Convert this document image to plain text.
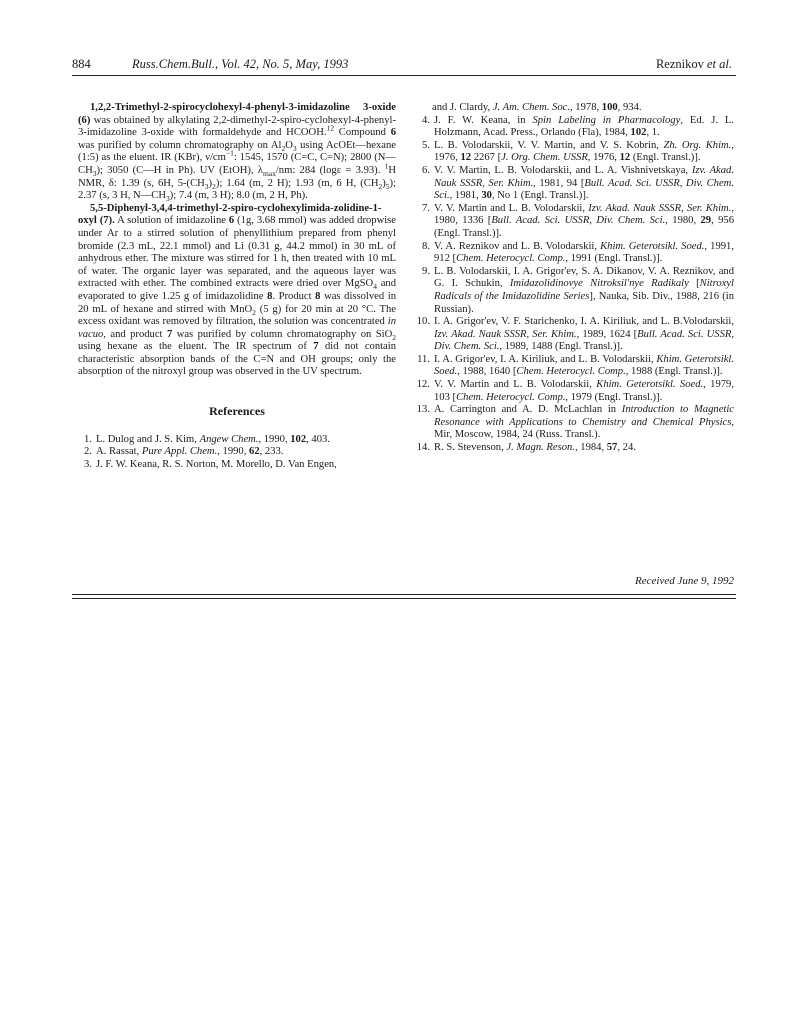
884	Russ.Chem.Bull., Vol. 42, No. 5, May, 1993	Reznikov et al.

1,2,2-Trimethyl-2-spirocyclohexyl-4-phenyl-3-imidazoline 3-oxide (6) was obtained by alkylating 2,2-dimethyl-2-spiro-cyclohexyl-4-phenyl-3-imidazoline 3-oxide with formaldehyde and HCOOH.$^{12}$ Compound 6 was purified by column chromatography on $Al_2O_3$ using AcOEt—hexane (1:5) as the eluent. IR (KBr), $\nu/cm^{-1}$: 1545, 1570 (C=C, C=N); 2800 $(N—CH_3)$; 3050 (C—H in Ph). UV (EtOH), $\lambda_{max}/nm$: 284 (logε = 3.93). $^1$H NMR, δ: 1.39 (s, 6H, $5-(CH_3)_2$); 1.64 (m, 2 H); 1.93 (m, 6 H, $(CH_2)_5$); 2.37 (s, 3 H, $N—CH_3$); 7.4 (m, 3 H); 8.0 (m, 2 H, Ph).

5,5-Diphenyl-3,4,4-trimethyl-2-spiro-cyclohexylimida-zolidine-1-oxyl (7). A solution of imidazoline 6 (1g, 3.68 mmol) was added dropwise under Ar to a stirred solution of phenyllithium prepared from phenyl bromide (2.3 mL, 22.1 mmol) and Li (0.31 g, 44.2 mmol) in 30 mL of anhydrous ether. The mixture was stirred for 1 h, then treated with 10 mL of water. The organic layer was separated, and the aqueous layer was extracted with ether. The combined extracts were dried over MgSO$_4$ and evaporated to give 1.25 g of imidazolidine 8. Product 8 was dissolved in 20 mL of hexane and stirred with MnO$_2$ (5 g) for 20 min at 20 °C. The excess oxidant was removed by filtration, the solution was concentrated in vacuo, and product 7 was purified by column chromatography on SiO$_2$ using hexane as the eluent. The IR spectrum of 7 did not contain characteristic absorption bands of the C=N and OH groups; only the absorption of the nitroxyl group was observed in the UV spectrum.

References
1. L. Dulog and J. S. Kim, Angew Chem., 1990, 102, 403.
2. A. Rassat, Pure Appl. Chem., 1990, 62, 233.
3. J. F. W. Keana, R. S. Norton, M. Morello, D. Van Engen,

and J. Clardy, J. Am. Chem. Soc., 1978, 100, 934.

4. J. F. W. Keana, in Spin Labeling in Pharmacology, Ed. J. L. Holzmann, Acad. Press., Orlando (Fla), 1984, 102, 1.
5. L. B. Volodarskii, V. V. Martin, and V. S. Kobrin, Zh. Org. Khim., 1976, 12 2267 [J. Org. Chem. USSR, 1976, 12 (Engl. Transl.)].
6. V. V. Martin, L. B. Volodarskii, and L. A. Vishnivetskaya, Izv. Akad. Nauk SSSR, Ser. Khim., 1981, 94 [Bull. Acad. Sci. USSR, Div. Chem. Sci., 1981, 30, No 1 (Engl. Transl.)].
7. V. V. Martin and L. B. Volodarskii, Izv. Akad. Nauk SSSR, Ser. Khim., 1980, 1336 [Bull. Acad. Sci. USSR, Div. Chem. Sci., 1980, 29, 956 (Engl. Transl.)].
8. V. A. Reznikov and L. B. Volodarskii, Khim. Geterotsikl. Soed., 1991, 912 [Chem. Heterocycl. Comp., 1991 (Engl. Transl.)].
9. L. B. Volodarskii, I. A. Grigor'ev, S. A. Dikanov, V. A. Reznikov, and G. I. Schukin, Imidazolidinovye Nitroksil'nye Radikaly [Nitroxyl Radicals of the Imidazolidine Series], Nauka, Sib. Div., 1988, 216 (in Russian).
10. I. A. Grigor'ev, V. F. Starichenko, I. A. Kiriliuk, and L. B.Volodarskii, Izv. Akad. Nauk SSSR, Ser. Khim., 1989, 1624 [Bull. Acad. Sci. USSR, Div. Chem. Sci., 1989, 1488 (Engl. Transl.)].
11. I. A. Grigor'ev, I. A. Kiriliuk, and L. B. Volodarskii, Khim. Geterotsikl. Soed., 1988, 1640 [Chem. Heterocycl. Comp., 1988 (Engl. Transl.)].
12. V. V. Martin and L. B. Volodarskii, Khim. Geterotsikl. Soed., 1979, 103 [Chem. Heterocycl. Comp., 1979 (Engl. Transl.)].
13. A. Carrington and A. D. McLachlan in Introduction to Magnetic Resonance with Applications to Chemistry and Chemical Physics, Mir, Moscow, 1984, 24 (Russ. Transl.).
14. R. S. Stevenson, J. Magn. Reson., 1984, 57, 24.
Received June 9, 1992
